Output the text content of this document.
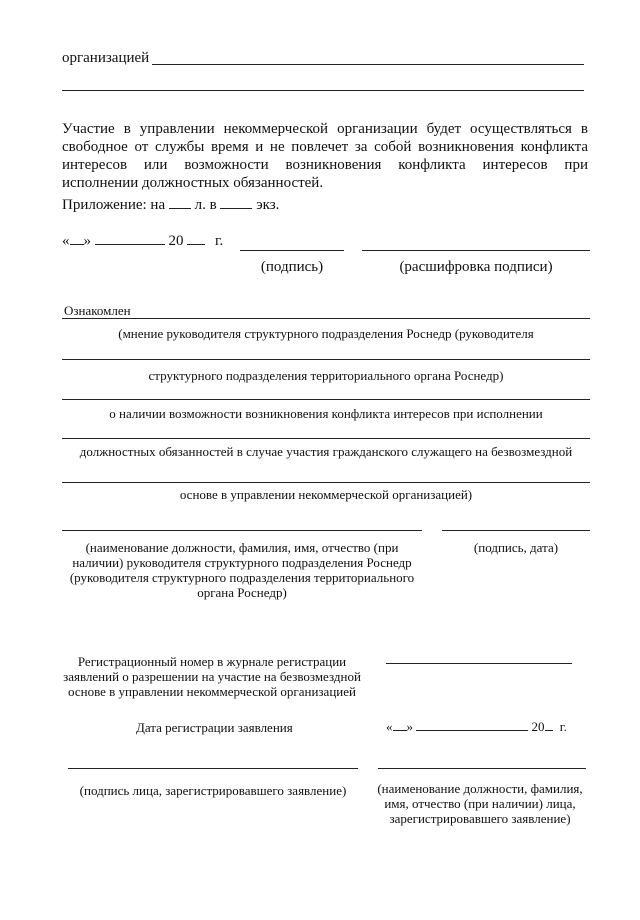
организацией
Участие в управлении некоммерческой организации будет осуществляться в свободное от службы время и не повлечет за собой возникновения конфликта интересов или возможности возникновения конфликта интересов при исполнении должностных обязанностей.
Приложение: на л. в	экз.
« »	20 г.
(подпись)	(расшифровка подписи)
Ознакомлен
(мнение руководителя структурного подразделения Роснедр (руководителя
структурного подразделения территориального органа Роснедр)
о наличии возможности возникновения конфликта интересов при исполнении
должностных обязанностей в случае участия гражданского служащего на безвозмездной
основе в управлении некоммерческой организацией)
(наименование должности, фамилия, имя, отчество (при наличии) руководителя структурного подразделения Роснедр (руководителя структурного подразделения территориального органа Роснедр)
(подпись, дата)
Регистрационный номер в журнале регистрации заявлений о разрешении на участие на безвозмездной основе в управлении некоммерческой организацией
Дата регистрации заявления	« »	20 г.
(подпись лица, зарегистрировавшего заявление)	(наименование должности, фамилия, имя, отчество (при наличии) лица, зарегистрировавшего заявление)
